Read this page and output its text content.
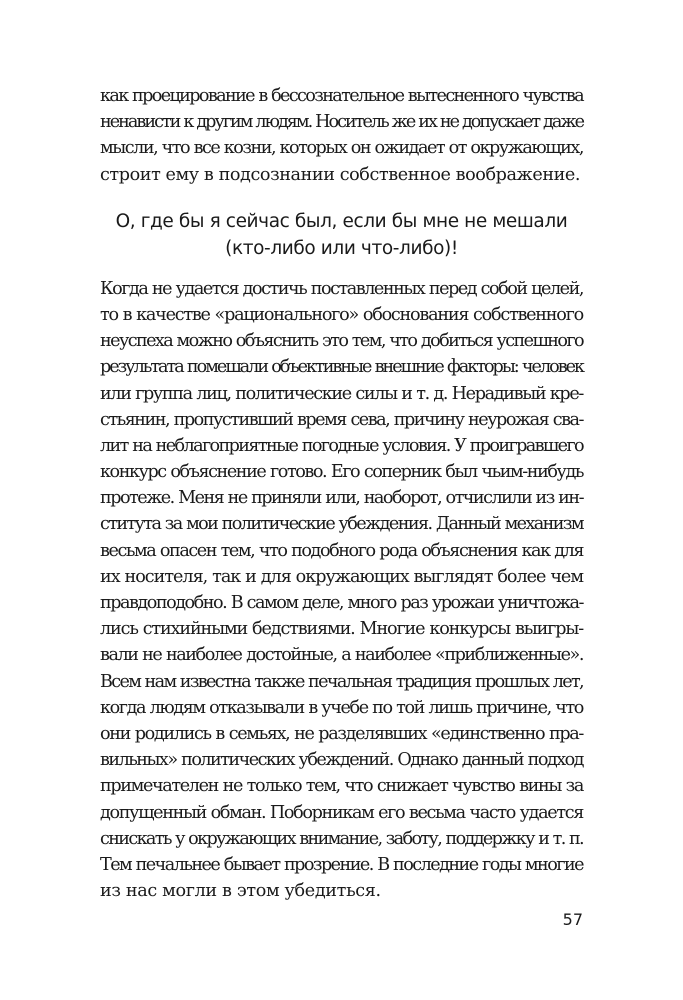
как проецирование в бессознательное вытесненного чувства
ненависти к другим людям. Носитель же их не допускает даже
мысли, что все козни, которых он ожидает от окружающих,
строит ему в подсознании собственное воображение.
О, где бы я сейчас был, если бы мне не мешали
(кто-либо или что-либо)!
Когда не удается достичь поставленных перед собой целей,
то в качестве «рационального» обоснования собственного
неуспеха можно объяснить это тем, что добиться успешного
результата помешали объективные внешние факторы: человек
или группа лиц, политические силы и т. д. Нерадивый кре-
стьянин, пропустивший время сева, причину неурожая сва-
лит на неблагоприятные погодные условия. У проигравшего
конкурс объяснение готово. Его соперник был чьим-нибудь
протеже. Меня не приняли или, наоборот, отчислили из ин-
ститута за мои политические убеждения. Данный механизм
весьма опасен тем, что подобного рода объяснения как для
их носителя, так и для окружающих выглядят более чем
правдоподобно. В самом деле, много раз урожаи уничтожа-
лись стихийными бедствиями. Многие конкурсы выигры-
вали не наиболее достойные, а наиболее «приближенные».
Всем нам известна также печальная традиция прошлых лет,
когда людям отказывали в учебе по той лишь причине, что
они родились в семьях, не разделявших «единственно пра-
вильных» политических убеждений. Однако данный подход
примечателен не только тем, что снижает чувство вины за
допущенный обман. Поборникам его весьма часто удается
снискать у окружающих внимание, заботу, поддержку и т. п.
Тем печальнее бывает прозрение. В последние годы многие
из нас могли в этом убедиться.
57
